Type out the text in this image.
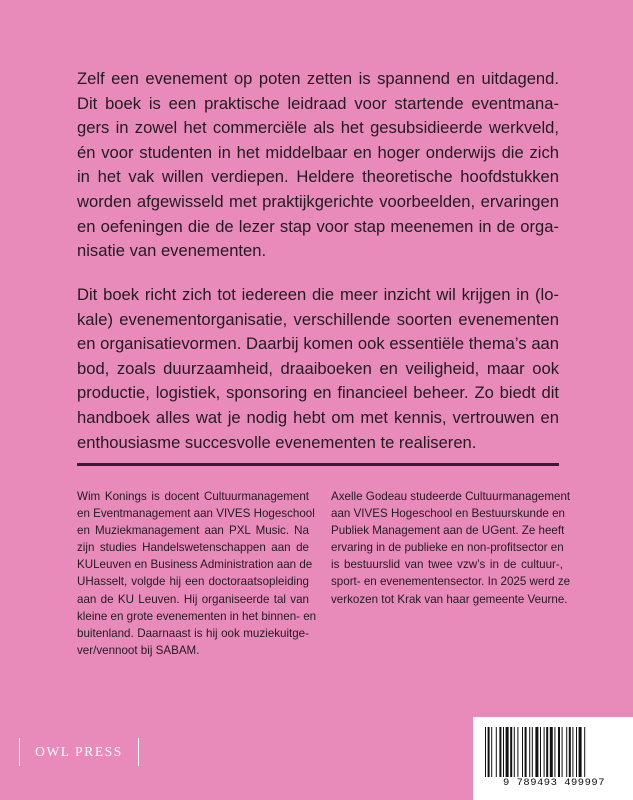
Zelf een evenement op poten zetten is spannend en uitdagend.
Dit boek is een praktische leidraad voor startende eventmana-
gers in zowel het commerciële als het gesubsidieerde werkveld,
én voor studenten in het middelbaar en hoger onderwijs die zich
in het vak willen verdiepen. Heldere theoretische hoofdstukken
worden afgewisseld met praktijkgerichte voorbeelden, ervaringen
en oefeningen die de lezer stap voor stap meenemen in de orga-
nisatie van evenementen.
Dit boek richt zich tot iedereen die meer inzicht wil krijgen in (lo-
kale) evenementorganisatie, verschillende soorten evenementen
en organisatievormen. Daarbij komen ook essentiële thema’s aan
bod, zoals duurzaamheid, draaiboeken en veiligheid, maar ook
productie, logistiek, sponsoring en financieel beheer. Zo biedt dit
handboek alles wat je nodig hebt om met kennis, vertrouwen en
enthousiasme succesvolle evenementen te realiseren.
Wim Konings is docent Cultuurmanagement
en Eventmanagement aan VIVES Hogeschool
en Muziekmanagement aan PXL Music. Na
zijn studies Handelswetenschappen aan de
KULeuven en Business Administration aan de
UHasselt, volgde hij een doctoraatsopleiding
aan de KU Leuven. Hij organiseerde tal van
kleine en grote evenementen in het binnen- en
buitenland. Daarnaast is hij ook muziekuitge-
ver/vennoot bij SABAM.
Axelle Godeau studeerde Cultuurmanagement
aan VIVES Hogeschool en Bestuurskunde en
Publiek Management aan de UGent. Ze heeft
ervaring in de publieke en non-profitsector en
is bestuurslid van twee vzw’s in de cultuur-,
sport- en evenementensector. In 2025 werd ze
verkozen tot Krak van haar gemeente Veurne.
OWL PRESS
9 789493 499997
